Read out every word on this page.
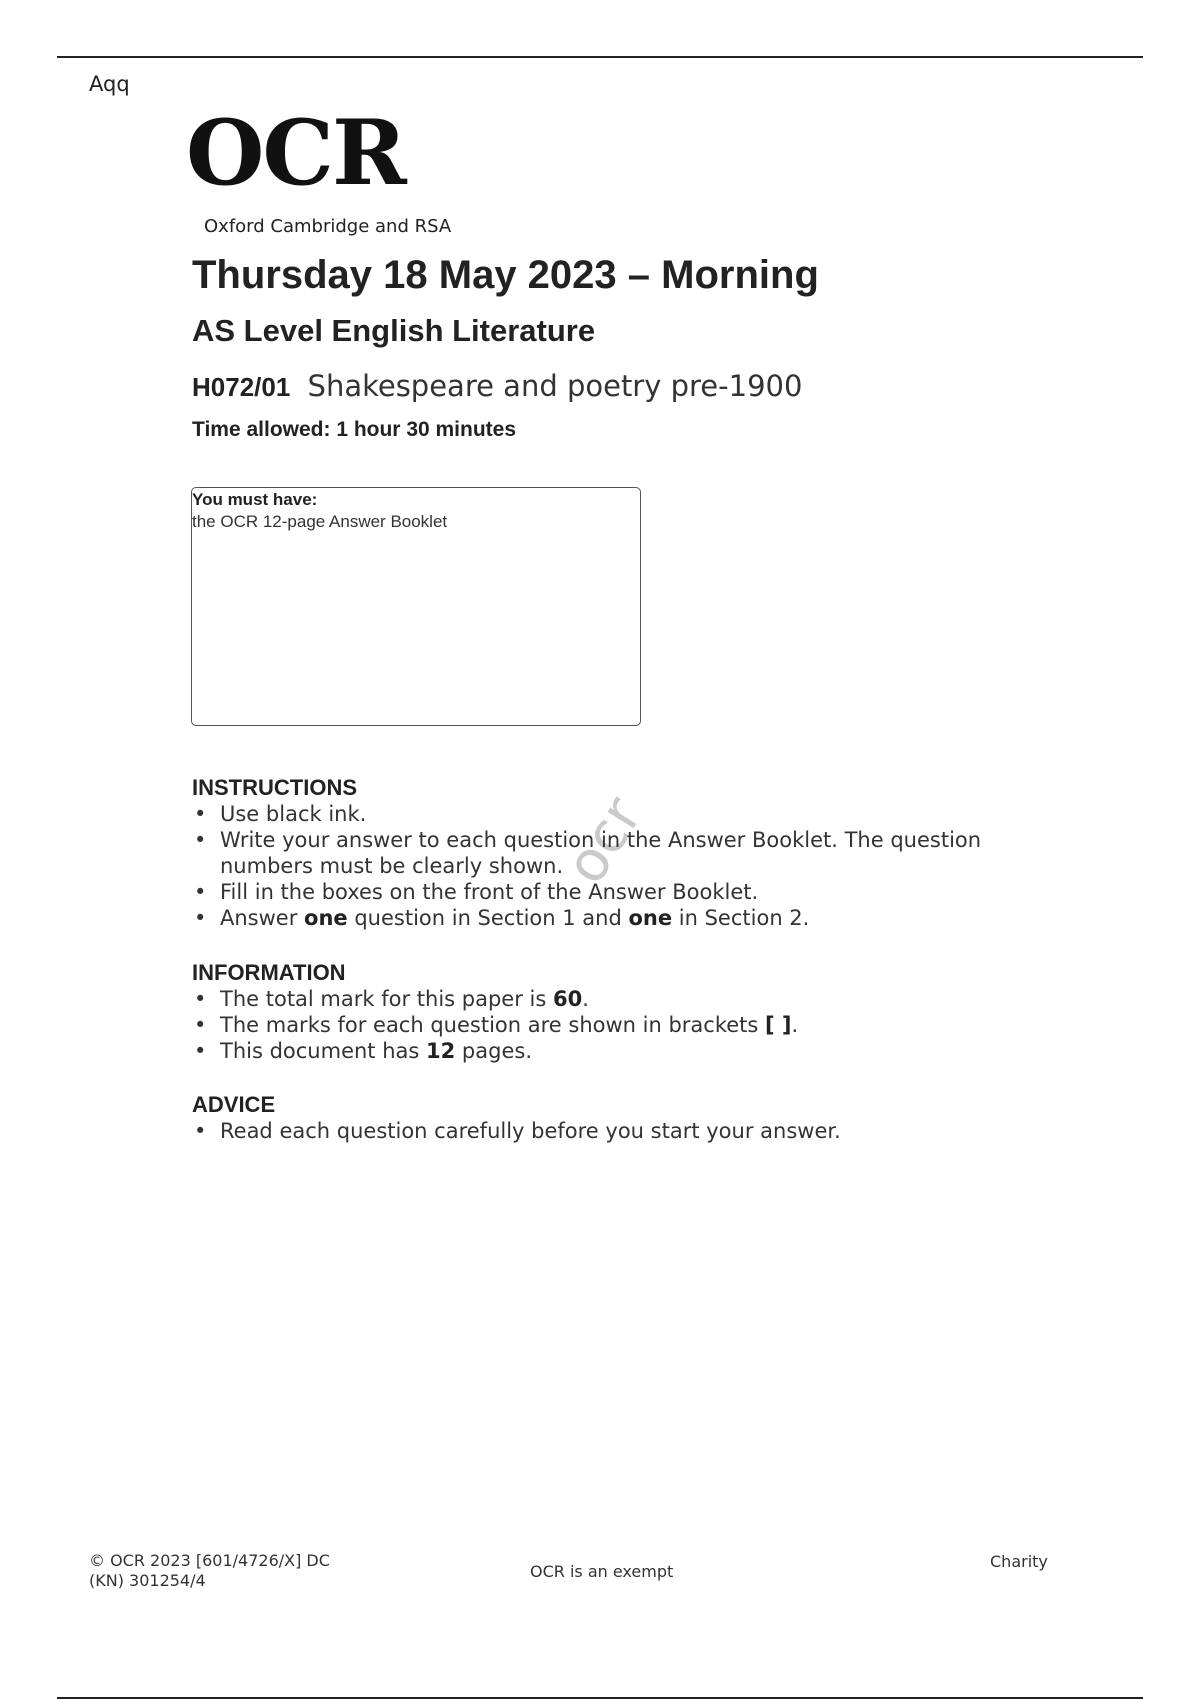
Aqq
OCR
Oxford Cambridge and RSA
Thursday 18 May 2023 – Morning
AS Level English Literature
H072/01 Shakespeare and poetry pre-1900
Time allowed: 1 hour 30 minutes
You must have:
the OCR 12-page Answer Booklet
ocr
INSTRUCTIONS
• Use black ink.
• Write your answer to each question in the Answer Booklet. The question numbers must be clearly shown.
• Fill in the boxes on the front of the Answer Booklet.
• Answer one question in Section 1 and one in Section 2.
INFORMATION
• The total mark for this paper is 60.
• The marks for each question are shown in brackets [ ].
• This document has 12 pages.
ADVICE
• Read each question carefully before you start your answer.
© OCR 2023 [601/4726/X] DC
(KN) 301254/4	OCR is an exempt
Charity
